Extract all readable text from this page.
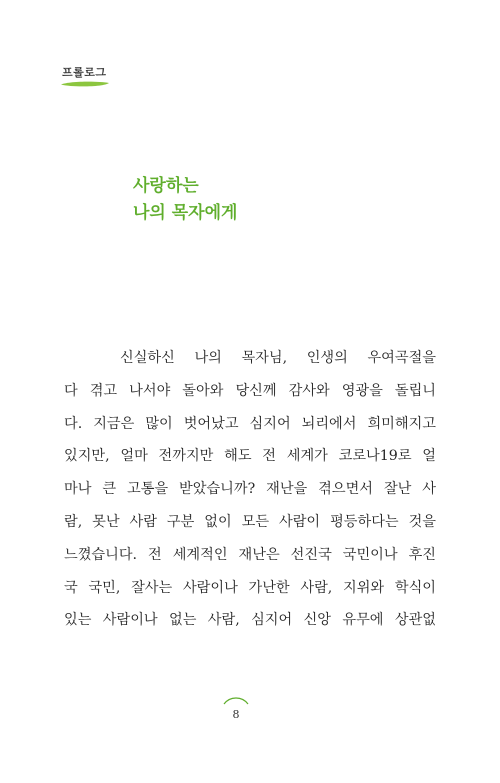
프롤로그
사랑하는
나의 목자에게
신실하신 나의 목자님, 인생의 우여곡절을
다 겪고 나서야 돌아와 당신께 감사와 영광을 돌립니
다. 지금은 많이 벗어났고 심지어 뇌리에서 희미해지고
있지만, 얼마 전까지만 해도 전 세계가 코로나19로 얼
마나 큰 고통을 받았습니까? 재난을 겪으면서 잘난 사
람, 못난 사람 구분 없이 모든 사람이 평등하다는 것을
느꼈습니다. 전 세계적인 재난은 선진국 국민이나 후진
국 국민, 잘사는 사람이나 가난한 사람, 지위와 학식이
있는 사람이나 없는 사람, 심지어 신앙 유무에 상관없
8
